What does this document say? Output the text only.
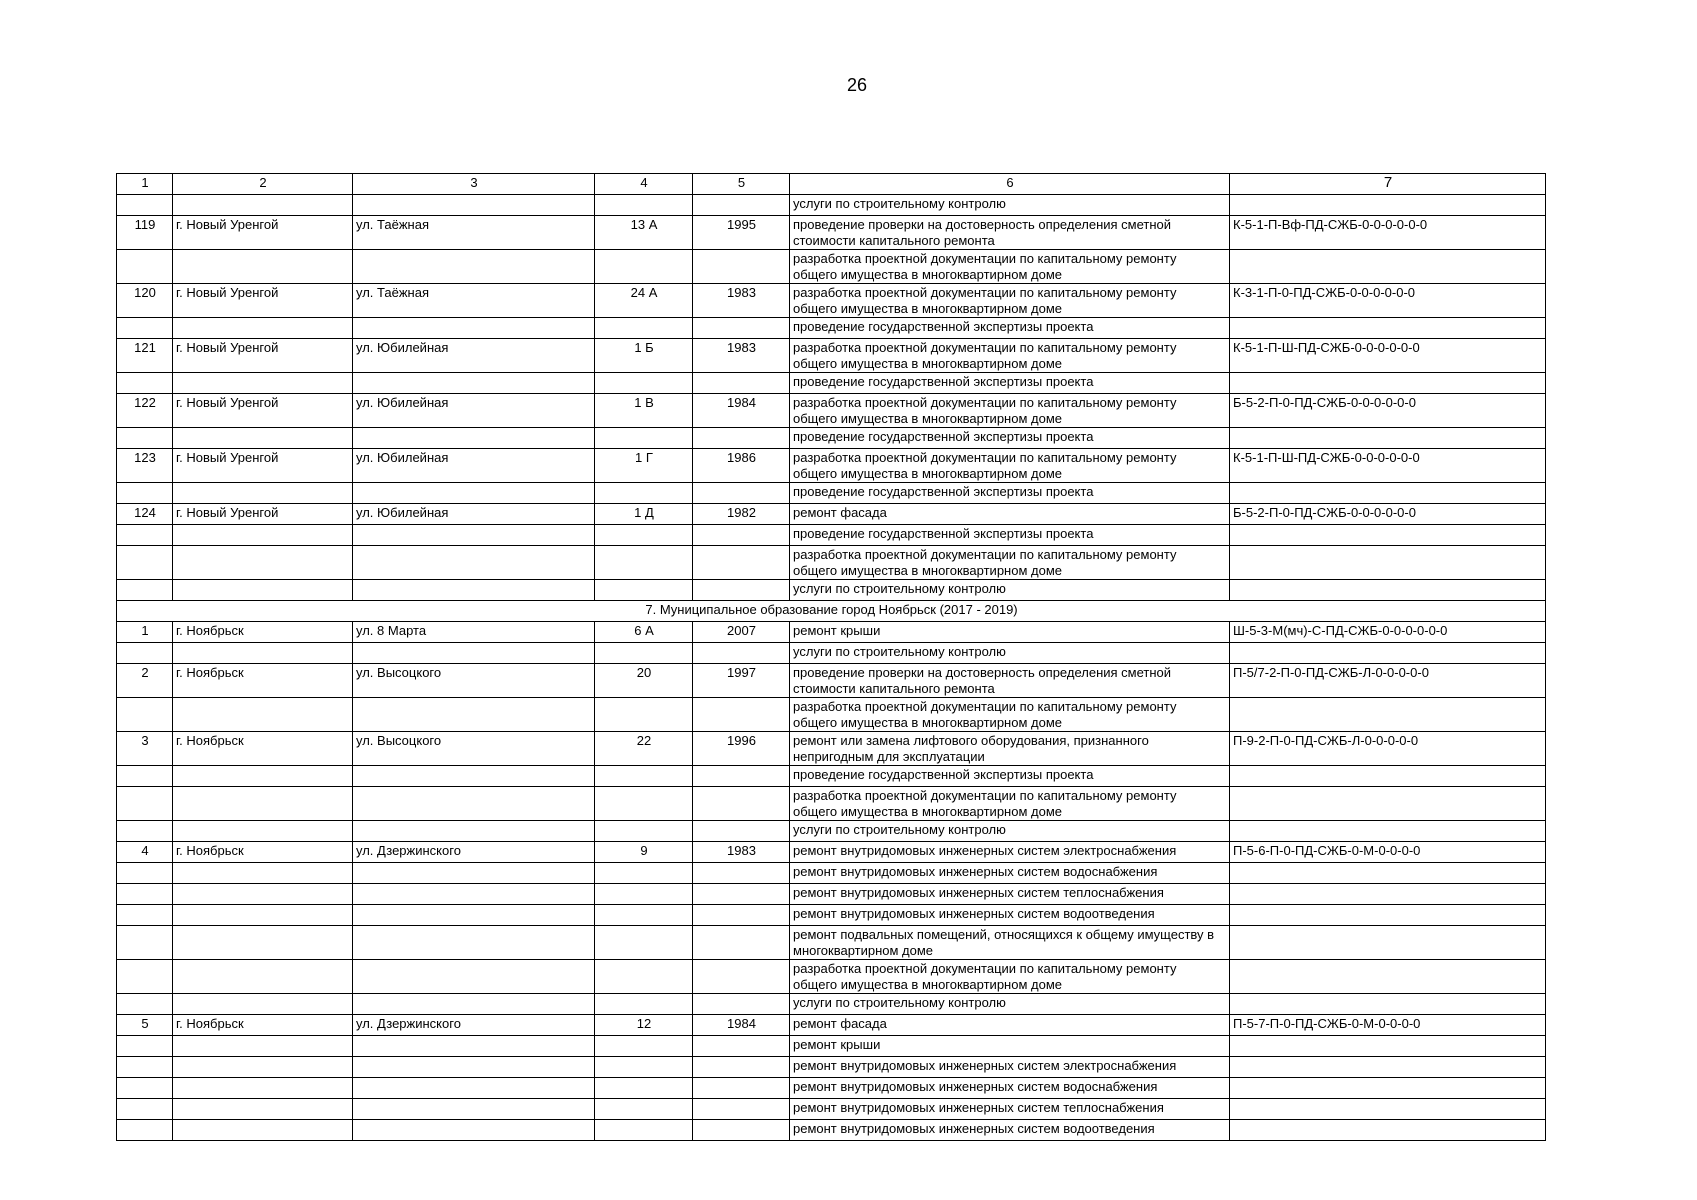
26
1	2	3	4	5	6	7

					услуги по строительному контролю	

119	г. Новый Уренгой	ул. Таёжная	13 А	1995	проведение проверки на достоверность определения сметной
стоимости капитального ремонта	К-5-1-П-Вф-ПД-СЖБ-0-0-0-0-0-0

					разработка проектной документации по капитальному ремонту
общего имущества в многоквартирном доме	

120	г. Новый Уренгой	ул. Таёжная	24 А	1983	разработка проектной документации по капитальному ремонту
общего имущества в многоквартирном доме	К-3-1-П-0-ПД-СЖБ-0-0-0-0-0-0

					проведение государственной экспертизы проекта	

121	г. Новый Уренгой	ул. Юбилейная	1 Б	1983	разработка проектной документации по капитальному ремонту
общего имущества в многоквартирном доме	К-5-1-П-Ш-ПД-СЖБ-0-0-0-0-0-0

					проведение государственной экспертизы проекта	

122	г. Новый Уренгой	ул. Юбилейная	1 В	1984	разработка проектной документации по капитальному ремонту
общего имущества в многоквартирном доме	Б-5-2-П-0-ПД-СЖБ-0-0-0-0-0-0

					проведение государственной экспертизы проекта	

123	г. Новый Уренгой	ул. Юбилейная	1 Г	1986	разработка проектной документации по капитальному ремонту
общего имущества в многоквартирном доме	К-5-1-П-Ш-ПД-СЖБ-0-0-0-0-0-0

					проведение государственной экспертизы проекта	

124	г. Новый Уренгой	ул. Юбилейная	1 Д	1982	ремонт фасада	Б-5-2-П-0-ПД-СЖБ-0-0-0-0-0-0

					проведение государственной экспертизы проекта	

					разработка проектной документации по капитальному ремонту
общего имущества в многоквартирном доме	

					услуги по строительному контролю	

7. Муниципальное образование город Ноябрьск (2017 - 2019)						
1	г. Ноябрьск	ул. 8 Марта	6 А	2007	ремонт крыши	Ш-5-3-М(мч)-С-ПД-СЖБ-0-0-0-0-0-0

					услуги по строительному контролю	

2	г. Ноябрьск	ул. Высоцкого	20	1997	проведение проверки на достоверность определения сметной
стоимости капитального ремонта	П-5/7-2-П-0-ПД-СЖБ-Л-0-0-0-0-0

					разработка проектной документации по капитальному ремонту
общего имущества в многоквартирном доме	

3	г. Ноябрьск	ул. Высоцкого	22	1996	ремонт или замена лифтового оборудования, признанного
непригодным для эксплуатации	П-9-2-П-0-ПД-СЖБ-Л-0-0-0-0-0

					проведение государственной экспертизы проекта	

					разработка проектной документации по капитальному ремонту
общего имущества в многоквартирном доме	

					услуги по строительному контролю	

4	г. Ноябрьск	ул. Дзержинского	9	1983	ремонт внутридомовых инженерных систем электроснабжения	П-5-6-П-0-ПД-СЖБ-0-М-0-0-0-0

					ремонт внутридомовых инженерных систем водоснабжения	

					ремонт внутридомовых инженерных систем теплоснабжения	

					ремонт внутридомовых инженерных систем водоотведения	

					ремонт подвальных помещений, относящихся к общему имуществу в
многоквартирном доме	

					разработка проектной документации по капитальному ремонту
общего имущества в многоквартирном доме	

					услуги по строительному контролю	

5	г. Ноябрьск	ул. Дзержинского	12	1984	ремонт фасада	П-5-7-П-0-ПД-СЖБ-0-М-0-0-0-0

					ремонт крыши	

					ремонт внутридомовых инженерных систем электроснабжения	

					ремонт внутридомовых инженерных систем водоснабжения	

					ремонт внутридомовых инженерных систем теплоснабжения	

					ремонт внутридомовых инженерных систем водоотведения	
